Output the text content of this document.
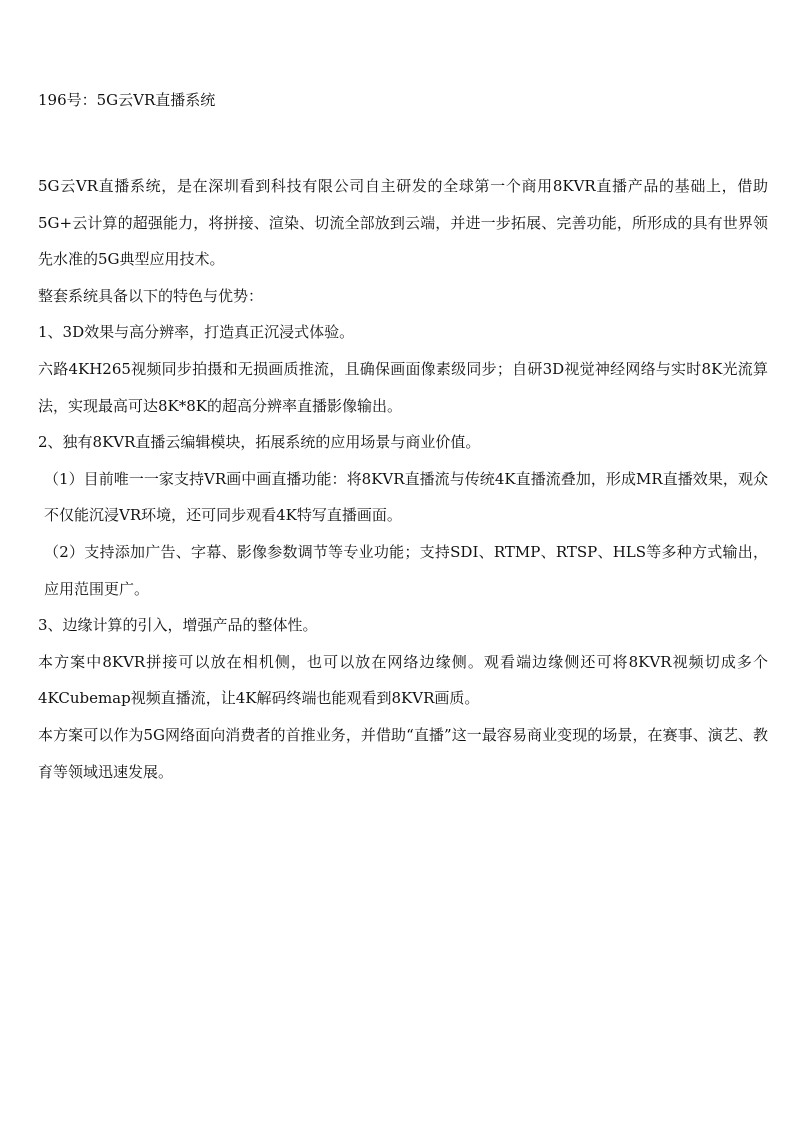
196号：5G云VR直播系统

5G云VR直播系统，是在深圳看到科技有限公司自主研发的全球第一个商用8KVR直播产品的基础上，借助5G+云计算的超强能力，将拼接、渲染、切流全部放到云端，并进一步拓展、完善功能，所形成的具有世界领先水准的5G典型应用技术。

整套系统具备以下的特色与优势：

1、3D效果与高分辨率，打造真正沉浸式体验。

六路4KH265视频同步拍摄和无损画质推流，且确保画面像素级同步；自研3D视觉神经网络与实时8K光流算法，实现最高可达8K*8K的超高分辨率直播影像输出。

2、独有8KVR直播云编辑模块，拓展系统的应用场景与商业价值。

（1）目前唯一一家支持VR画中画直播功能：将8KVR直播流与传统4K直播流叠加，形成MR直播效果，观众不仅能沉浸VR环境，还可同步观看4K特写直播画面。

（2）支持添加广告、字幕、影像参数调节等专业功能；支持SDI、RTMP、RTSP、HLS等多种方式输出，应用范围更广。

3、边缘计算的引入，增强产品的整体性。

本方案中8KVR拼接可以放在相机侧，也可以放在网络边缘侧。观看端边缘侧还可将8KVR视频切成多个4KCubemap视频直播流，让4K解码终端也能观看到8KVR画质。

本方案可以作为5G网络面向消费者的首推业务，并借助“直播”这一最容易商业变现的场景，在赛事、演艺、教育等领域迅速发展。
